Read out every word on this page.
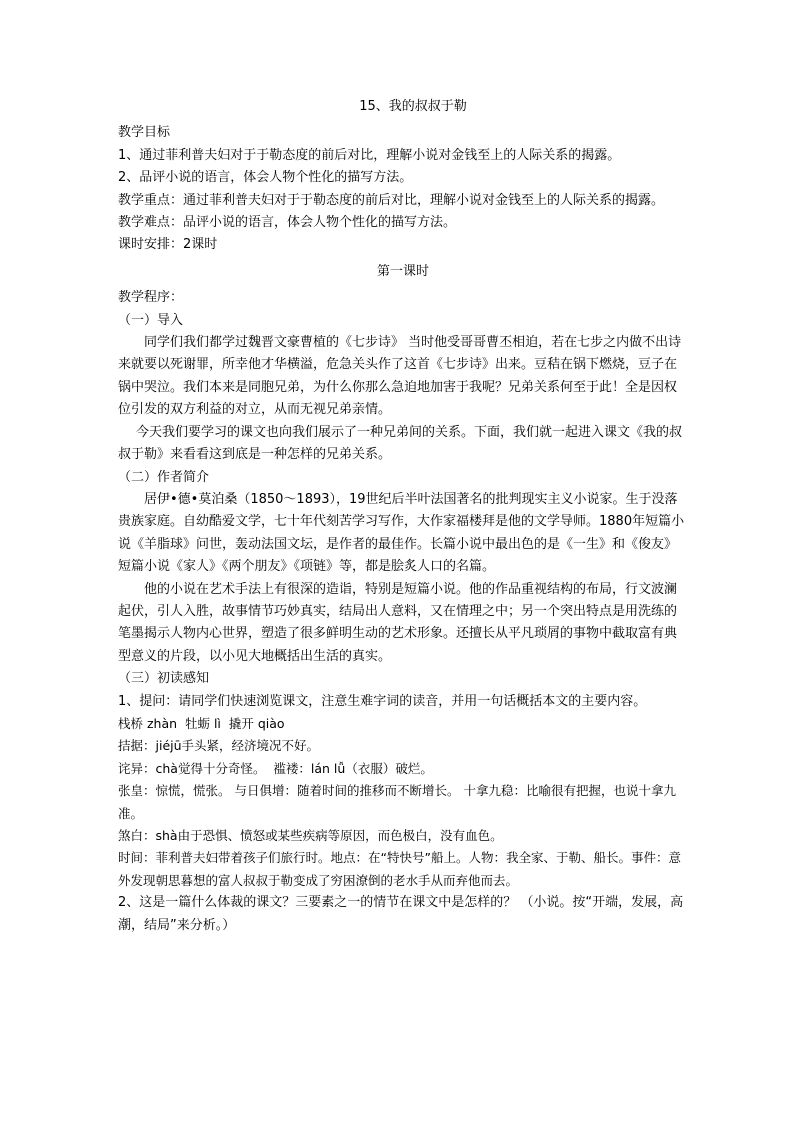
15、我的叔叔于勒
教学目标
1、通过菲利普夫妇对于于勒态度的前后对比，理解小说对金钱至上的人际关系的揭露。
2、品评小说的语言，体会人物个性化的描写方法。
教学重点：通过菲利普夫妇对于于勒态度的前后对比，理解小说对金钱至上的人际关系的揭露。
教学难点：品评小说的语言，体会人物个性化的描写方法。
课时安排：2课时
第一课时
教学程序：
（一）导入
同学们我们都学过魏晋文豪曹植的《七步诗》 当时他受哥哥曹丕相迫，若在七步之内做不出诗来就要以死谢罪，所幸他才华横溢，危急关头作了这首《七步诗》出来。豆秸在锅下燃烧，豆子在锅中哭泣。我们本来是同胞兄弟，为什么你那么急迫地加害于我呢？兄弟关系何至于此！全是因权位引发的双方利益的对立，从而无视兄弟亲情。
今天我们要学习的课文也向我们展示了一种兄弟间的关系。下面，我们就一起进入课文《我的叔叔于勒》来看看这到底是一种怎样的兄弟关系。
（二）作者简介
居伊•德•莫泊桑（1850～1893），19世纪后半叶法国著名的批判现实主义小说家。生于没落贵族家庭。自幼酷爱文学，七十年代刻苦学习写作，大作家福楼拜是他的文学导师。1880年短篇小说《羊脂球》问世，轰动法国文坛，是作者的最佳作。长篇小说中最出色的是《一生》和《俊友》 短篇小说《家人》《两个朋友》《项链》等，都是脍炙人口的名篇。
他的小说在艺术手法上有很深的造诣，特别是短篇小说。他的作品重视结构的布局，行文波澜起伏，引人入胜，故事情节巧妙真实，结局出人意料，又在情理之中；另一个突出特点是用洗练的笔墨揭示人物内心世界，塑造了很多鲜明生动的艺术形象。还擅长从平凡琐屑的事物中截取富有典型意义的片段，以小见大地概括出生活的真实。
（三）初读感知
1、提问：请同学们快速浏览课文，注意生难字词的读音，并用一句话概括本文的主要内容。
栈桥 zhàn  牡蛎 lì  撬开 qiào
拮据：jiéjū手头紧，经济境况不好。
诧异：chà觉得十分奇怪。  褴褛：lán lǚ（衣服）破烂。
张皇：惊慌，慌张。 与日俱增：随着时间的推移而不断增长。 十拿九稳：比喻很有把握，也说十拿九准。
煞白：shà由于恐惧、愤怒或某些疾病等原因，而色极白，没有血色。
时间：菲利普夫妇带着孩子们旅行时。地点：在“特快号”船上。人物：我全家、于勒、船长。事件：意外发现朝思暮想的富人叔叔于勒变成了穷困潦倒的老水手从而弃他而去。
2、这是一篇什么体裁的课文？三要素之一的情节在课文中是怎样的？ （小说。按“开端，发展，高潮，结局”来分析。）
